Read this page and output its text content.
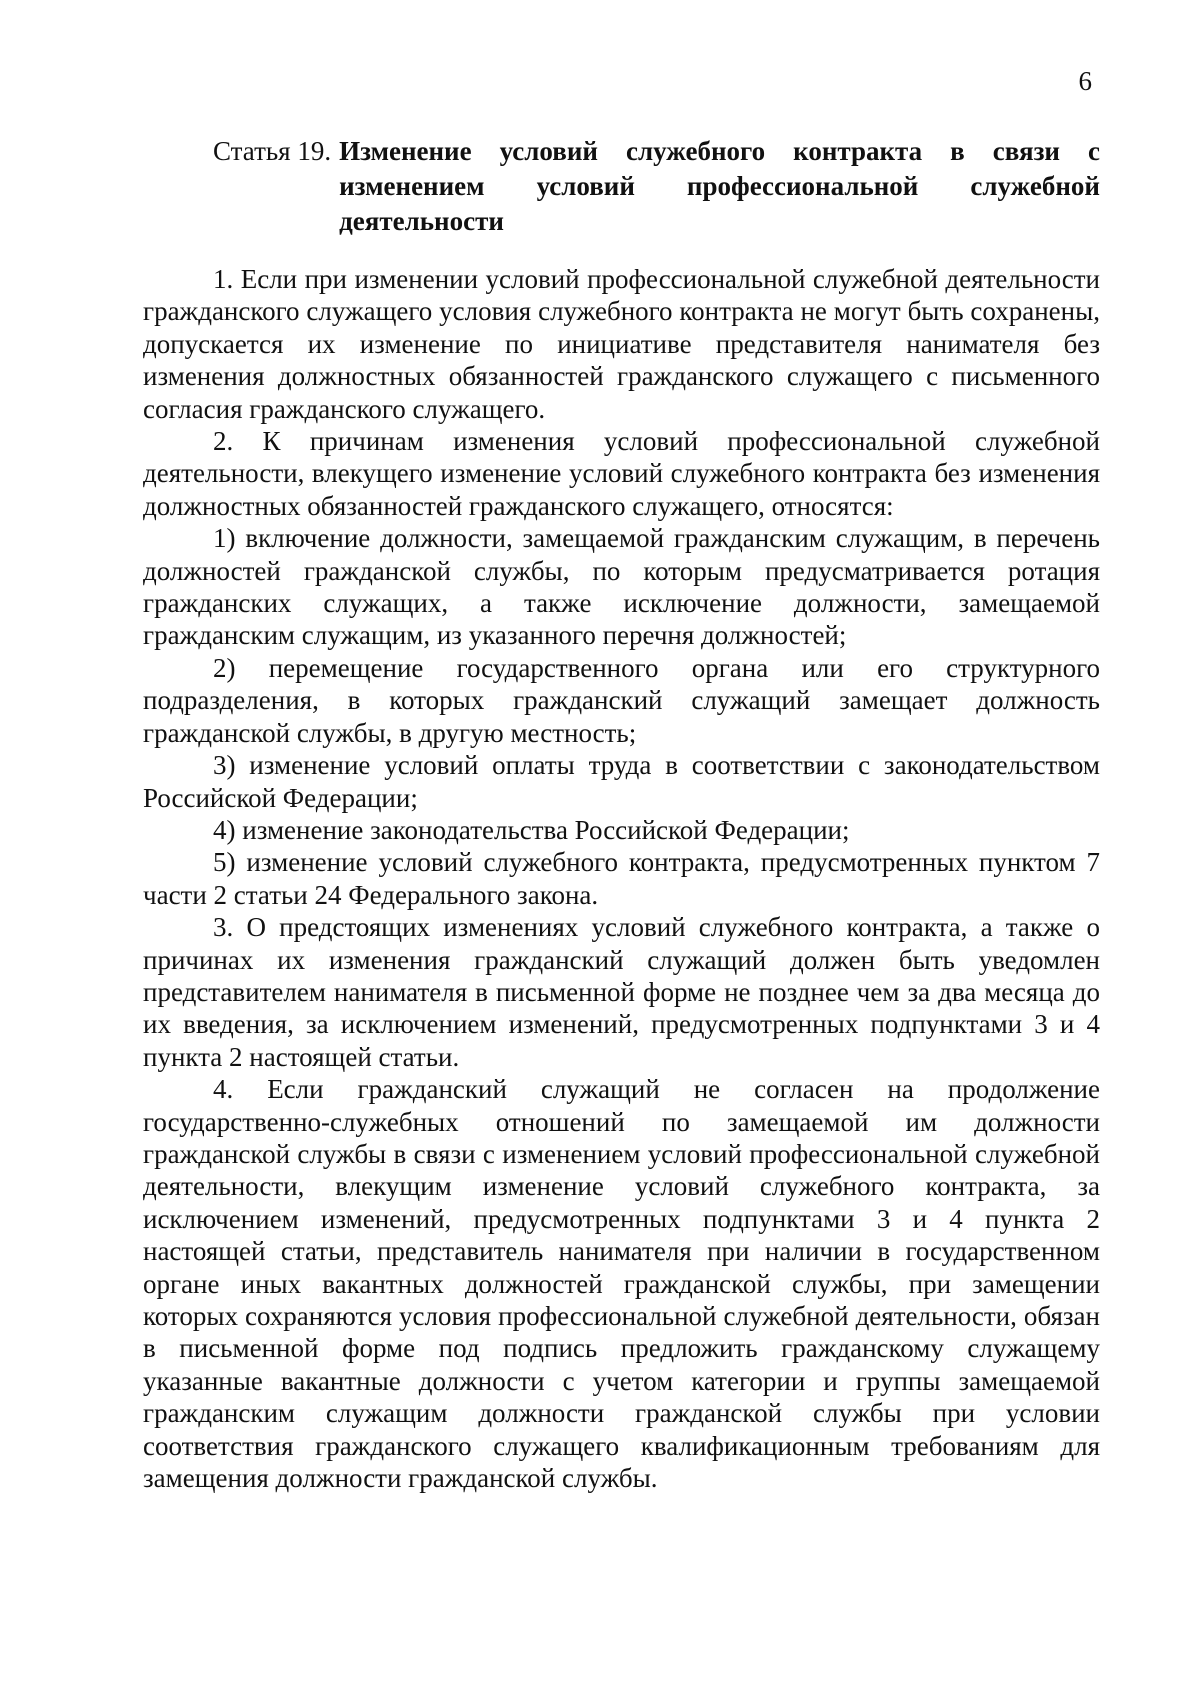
6
Статья 19. Изменение условий служебного контракта в связи с изменением условий профессиональной служебной деятельности

1. Если при изменении условий профессиональной служебной деятельности гражданского служащего условия служебного контракта не могут быть сохранены, допускается их изменение по инициативе представителя нанимателя без изменения должностных обязанностей гражданского служащего с письменного согласия гражданского служащего.

2. К причинам изменения условий профессиональной служебной деятельности, влекущего изменение условий служебного контракта без изменения должностных обязанностей гражданского служащего, относятся:

1) включение должности, замещаемой гражданским служащим, в перечень должностей гражданской службы, по которым предусматривается ротация гражданских служащих, а также исключение должности, замещаемой гражданским служащим, из указанного перечня должностей;

2) перемещение государственного органа или его структурного подразделения, в которых гражданский служащий замещает должность гражданской службы, в другую местность;

3) изменение условий оплаты труда в соответствии с законодательством Российской Федерации;

4) изменение законодательства Российской Федерации;

5) изменение условий служебного контракта, предусмотренных пунктом 7 части 2 статьи 24 Федерального закона.

3. О предстоящих изменениях условий служебного контракта, а также о причинах их изменения гражданский служащий должен быть уведомлен представителем нанимателя в письменной форме не позднее чем за два месяца до их введения, за исключением изменений, предусмотренных подпунктами 3 и 4 пункта 2 настоящей статьи.

4. Если гражданский служащий не согласен на продолжение государственно-служебных отношений по замещаемой им должности гражданской службы в связи с изменением условий профессиональной служебной деятельности, влекущим изменение условий служебного контракта, за исключением изменений, предусмотренных подпунктами 3 и 4 пункта 2 настоящей статьи, представитель нанимателя при наличии в государственном органе иных вакантных должностей гражданской службы, при замещении которых сохраняются условия профессиональной служебной деятельности, обязан в письменной форме под подпись предложить гражданскому служащему указанные вакантные должности с учетом категории и группы замещаемой гражданским служащим должности гражданской службы при условии соответствия гражданского служащего квалификационным требованиям для замещения должности гражданской службы.
